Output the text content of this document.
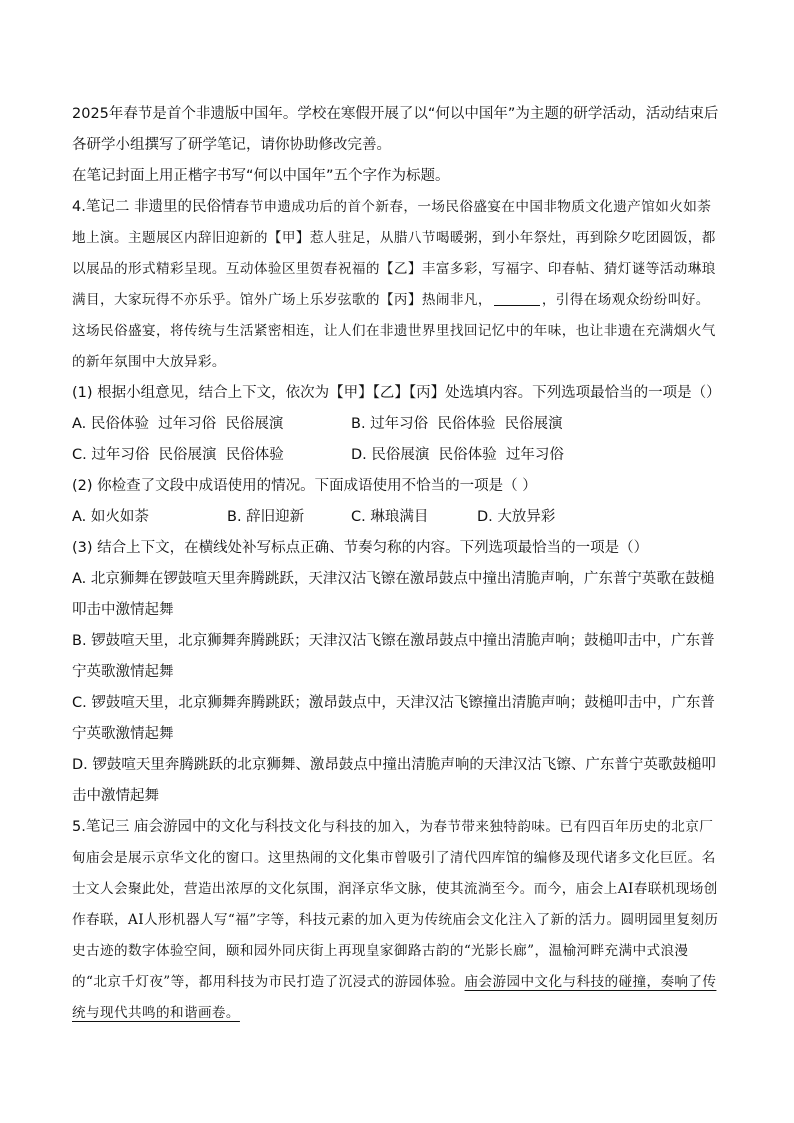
2025年春节是首个非遗版中国年。学校在寒假开展了以“何以中国年”为主题的研学活动，活动结束后各研学小组撰写了研学笔记，请你协助修改完善。

在笔记封面上用正楷字书写“何以中国年”五个字作为标题。

4.笔记二 非遗里的民俗情春节申遗成功后的首个新春，一场民俗盛宴在中国非物质文化遗产馆如火如荼地上演。主题展区内辞旧迎新的【甲】惹人驻足，从腊八节喝暖粥，到小年祭灶，再到除夕吃团圆饭，都以展品的形式精彩呈现。互动体验区里贺春祝福的【乙】丰富多彩，写福字、印春帖、猜灯谜等活动琳琅满目，大家玩得不亦乐乎。馆外广场上乐岁弦歌的【丙】热闹非凡，	，引得在场观众纷纷叫好。这场民俗盛宴，将传统与生活紧密相连，让人们在非遗世界里找回记忆中的年味，也让非遗在充满烟火气的新年氛围中大放异彩。

(1) 根据小组意见，结合上下文，依次为【甲】【乙】【丙】处选填内容。下列选项最恰当的一项是（）

A. 民俗体验  过年习俗  民俗展演	B. 过年习俗  民俗体验  民俗展演
C. 过年习俗  民俗展演  民俗体验	D. 民俗展演  民俗体验  过年习俗

(2) 你检查了文段中成语使用的情况。下面成语使用不恰当的一项是（ ）

A. 如火如荼	B. 辞旧迎新	C. 琳琅满目	D. 大放异彩

(3) 结合上下文，在横线处补写标点正确、节奏匀称的内容。下列选项最恰当的一项是（）

A. 北京狮舞在锣鼓喧天里奔腾跳跃，天津汉沽飞镲在激昂鼓点中撞出清脆声响，广东普宁英歌在鼓槌叩击中激情起舞

B. 锣鼓喧天里，北京狮舞奔腾跳跃；天津汉沽飞镲在激昂鼓点中撞出清脆声响；鼓槌叩击中，广东普宁英歌激情起舞

C. 锣鼓喧天里，北京狮舞奔腾跳跃；激昂鼓点中，天津汉沽飞镲撞出清脆声响；鼓槌叩击中，广东普宁英歌激情起舞

D. 锣鼓喧天里奔腾跳跃的北京狮舞、激昂鼓点中撞出清脆声响的天津汉沽飞镲、广东普宁英歌鼓槌叩击中激情起舞

5.笔记三 庙会游园中的文化与科技文化与科技的加入，为春节带来独特韵味。已有四百年历史的北京厂甸庙会是展示京华文化的窗口。这里热闹的文化集市曾吸引了清代四库馆的编修及现代诸多文化巨匠。名士文人会聚此处，营造出浓厚的文化氛围，润泽京华文脉，使其流淌至今。而今，庙会上AI春联机现场创作春联，AI人形机器人写“福”字等，科技元素的加入更为传统庙会文化注入了新的活力。圆明园里复刻历史古迹的数字体验空间，颐和园外同庆街上再现皇家御路古韵的“光影长廊”，温榆河畔充满中式浪漫的“北京千灯夜”等，都用科技为市民打造了沉浸式的游园体验。庙会游园中文化与科技的碰撞，奏响了传统与现代共鸣的和谐画卷。
